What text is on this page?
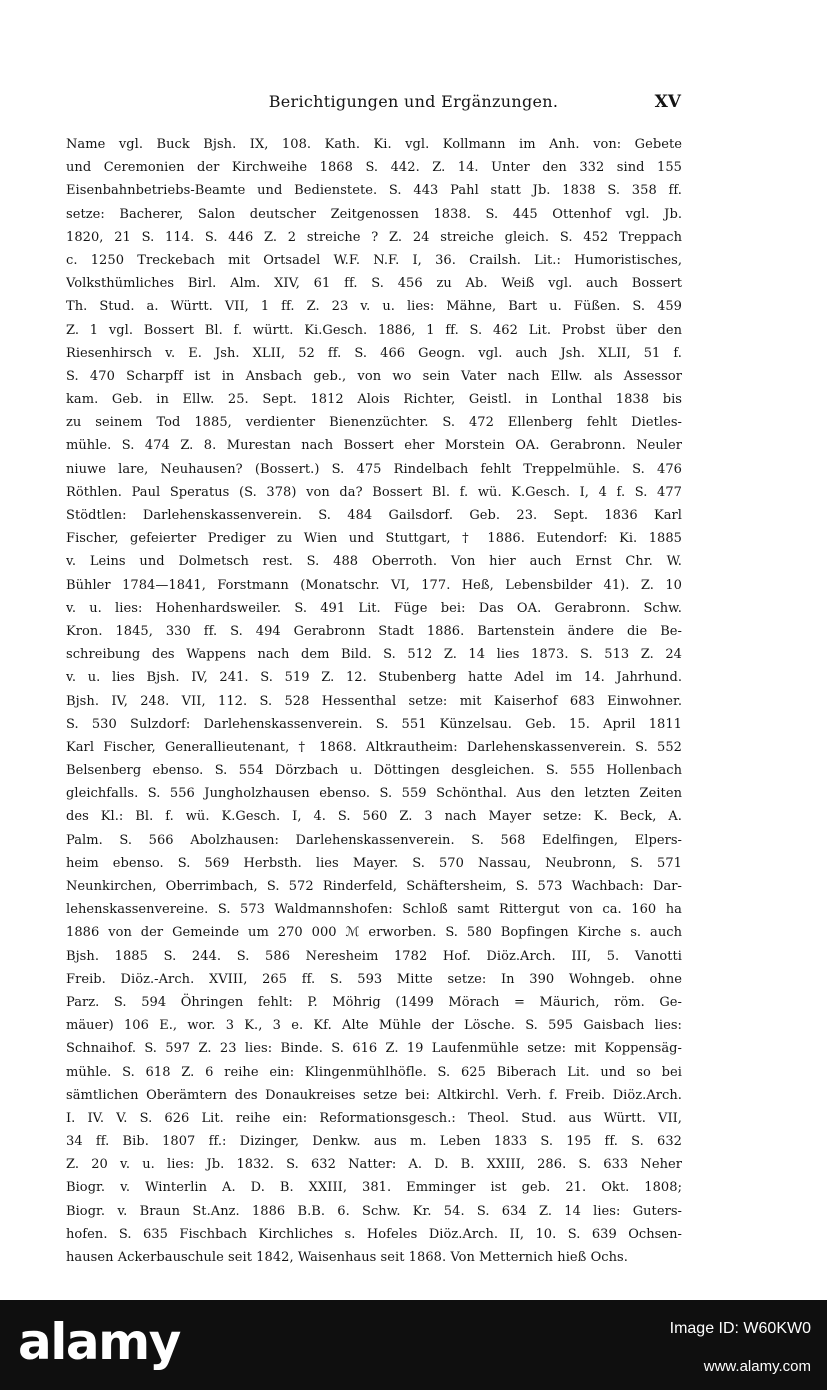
Berichtigungen und Ergänzungen.	XV
Name vgl. Buck Bjsh. IX, 108. Kath. Ki. vgl. Kollmann im Anh. von: Gebete
und Ceremonien der Kirchweihe 1868 S. 442. Z. 14. Unter den 332 sind 155
Eisenbahnbetriebs-Beamte und Bedienstete. S. 443 Pahl statt Jb. 1838 S. 358 ff.
setze: Bacherer, Salon deutscher Zeitgenossen 1838. S. 445 Ottenhof vgl. Jb.
1820, 21 S. 114. S. 446 Z. 2 streiche ? Z. 24 streiche gleich. S. 452 Treppach
c. 1250 Treckebach mit Ortsadel W.F. N.F. I, 36. Crailsh. Lit.: Humoristisches,
Volksthümliches Birl. Alm. XIV, 61 ff. S. 456 zu Ab. Weiß vgl. auch Bossert
Th. Stud. a. Württ. VII, 1 ff. Z. 23 v. u. lies: Mähne, Bart u. Füßen. S. 459
Z. 1 vgl. Bossert Bl. f. württ. Ki.Gesch. 1886, 1 ff. S. 462 Lit. Probst über den
Riesenhirsch v. E. Jsh. XLII, 52 ff. S. 466 Geogn. vgl. auch Jsh. XLII, 51 f.
S. 470 Scharpff ist in Ansbach geb., von wo sein Vater nach Ellw. als Assessor
kam. Geb. in Ellw. 25. Sept. 1812 Alois Richter, Geistl. in Lonthal 1838 bis
zu seinem Tod 1885, verdienter Bienenzüchter. S. 472 Ellenberg fehlt Dietles-
mühle. S. 474 Z. 8. Murestan nach Bossert eher Morstein OA. Gerabronn. Neuler
niuwe lare, Neuhausen? (Bossert.) S. 475 Rindelbach fehlt Treppelmühle. S. 476
Röthlen. Paul Speratus (S. 378) von da? Bossert Bl. f. wü. K.Gesch. I, 4 f. S. 477
Stödtlen: Darlehenskassenverein. S. 484 Gailsdorf. Geb. 23. Sept. 1836 Karl
Fischer, gefeierter Prediger zu Wien und Stuttgart, † 1886. Eutendorf: Ki. 1885
v. Leins und Dolmetsch rest. S. 488 Oberroth. Von hier auch Ernst Chr. W.
Bühler 1784—1841, Forstmann (Monatschr. VI, 177. Heß, Lebensbilder 41). Z. 10
v. u. lies: Hohenhardsweiler. S. 491 Lit. Füge bei: Das OA. Gerabronn. Schw.
Kron. 1845, 330 ff. S. 494 Gerabronn Stadt 1886. Bartenstein ändere die Be-
schreibung des Wappens nach dem Bild. S. 512 Z. 14 lies 1873. S. 513 Z. 24
v. u. lies Bjsh. IV, 241. S. 519 Z. 12. Stubenberg hatte Adel im 14. Jahrhund.
Bjsh. IV, 248. VII, 112. S. 528 Hessenthal setze: mit Kaiserhof 683 Einwohner.
S. 530 Sulzdorf: Darlehenskassenverein. S. 551 Künzelsau. Geb. 15. April 1811
Karl Fischer, Generallieutenant, † 1868. Altkrautheim: Darlehenskassenverein. S. 552
Belsenberg ebenso. S. 554 Dörzbach u. Döttingen desgleichen. S. 555 Hollenbach
gleichfalls. S. 556 Jungholzhausen ebenso. S. 559 Schönthal. Aus den letzten Zeiten
des Kl.: Bl. f. wü. K.Gesch. I, 4. S. 560 Z. 3 nach Mayer setze: K. Beck, A.
Palm. S. 566 Abolzhausen: Darlehenskassenverein. S. 568 Edelfingen, Elpers-
heim ebenso. S. 569 Herbsth. lies Mayer. S. 570 Nassau, Neubronn, S. 571
Neunkirchen, Oberrimbach, S. 572 Rinderfeld, Schäftersheim, S. 573 Wachbach: Dar-
lehenskassenvereine. S. 573 Waldmannshofen: Schloß samt Rittergut von ca. 160 ha
1886 von der Gemeinde um 270 000 ℳ erworben. S. 580 Bopfingen Kirche s. auch
Bjsh. 1885 S. 244. S. 586 Neresheim 1782 Hof. Diöz.Arch. III, 5. Vanotti
Freib. Diöz.-Arch. XVIII, 265 ff. S. 593 Mitte setze: In 390 Wohngeb. ohne
Parz. S. 594 Öhringen fehlt: P. Möhrig (1499 Mörach = Mäurich, röm. Ge-
mäuer) 106 E., wor. 3 K., 3 e. Kf. Alte Mühle der Lösche. S. 595 Gaisbach lies:
Schnaihof. S. 597 Z. 23 lies: Binde. S. 616 Z. 19 Laufenmühle setze: mit Koppensäg-
mühle. S. 618 Z. 6 reihe ein: Klingenmühlhöfle. S. 625 Biberach Lit. und so bei
sämtlichen Oberämtern des Donaukreises setze bei: Altkirchl. Verh. f. Freib. Diöz.Arch.
I. IV. V. S. 626 Lit. reihe ein: Reformationsgesch.: Theol. Stud. aus Württ. VII,
34 ff. Bib. 1807 ff.: Dizinger, Denkw. aus m. Leben 1833 S. 195 ff. S. 632
Z. 20 v. u. lies: Jb. 1832. S. 632 Natter: A. D. B. XXIII, 286. S. 633 Neher
Biogr. v. Winterlin A. D. B. XXIII, 381. Emminger ist geb. 21. Okt. 1808;
Biogr. v. Braun St.Anz. 1886 B.B. 6. Schw. Kr. 54. S. 634 Z. 14 lies: Guters-
hofen. S. 635 Fischbach Kirchliches s. Hofeles Diöz.Arch. II, 10. S. 639 Ochsen-
hausen Ackerbauschule seit 1842, Waisenhaus seit 1868. Von Metternich hieß Ochs.
alamy	Image ID: W60KW0
www.alamy.com
